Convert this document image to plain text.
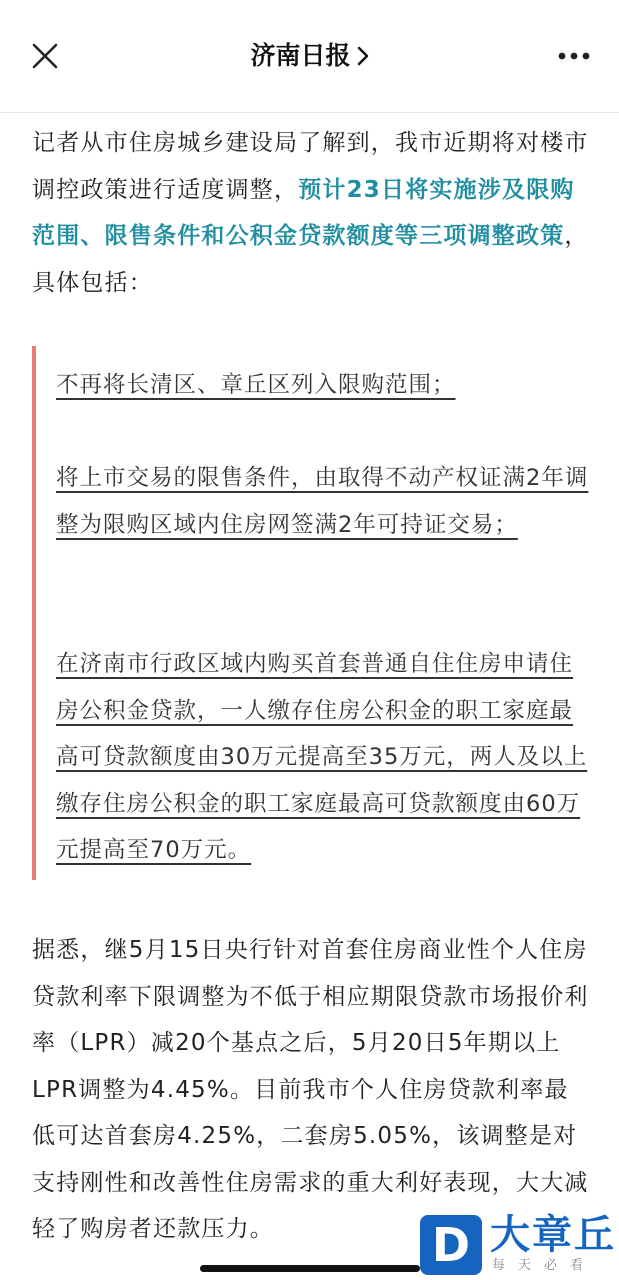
济南日报

记者从市住房城乡建设局了解到，我市近期将对楼市调控政策进行适度调整，预计23日将实施涉及限购范围、限售条件和公积金贷款额度等三项调整政策，具体包括：

不再将长清区、章丘区列入限购范围；

将上市交易的限售条件，由取得不动产权证满2年调整为限购区域内住房网签满2年可持证交易；

在济南市行政区域内购买首套普通自住住房申请住房公积金贷款，一人缴存住房公积金的职工家庭最高可贷款额度由30万元提高至35万元，两人及以上缴存住房公积金的职工家庭最高可贷款额度由60万元提高至70万元。

据悉，继5月15日央行针对首套住房商业性个人住房贷款利率下限调整为不低于相应期限贷款市场报价利率（LPR）减20个基点之后，5月20日5年期以上LPR调整为4.45%。目前我市个人住房贷款利率最低可达首套房4.25%，二套房5.05%，该调整是对支持刚性和改善性住房需求的重大利好表现，大大减轻了购房者还款压力。	D 大章丘
每天必看
